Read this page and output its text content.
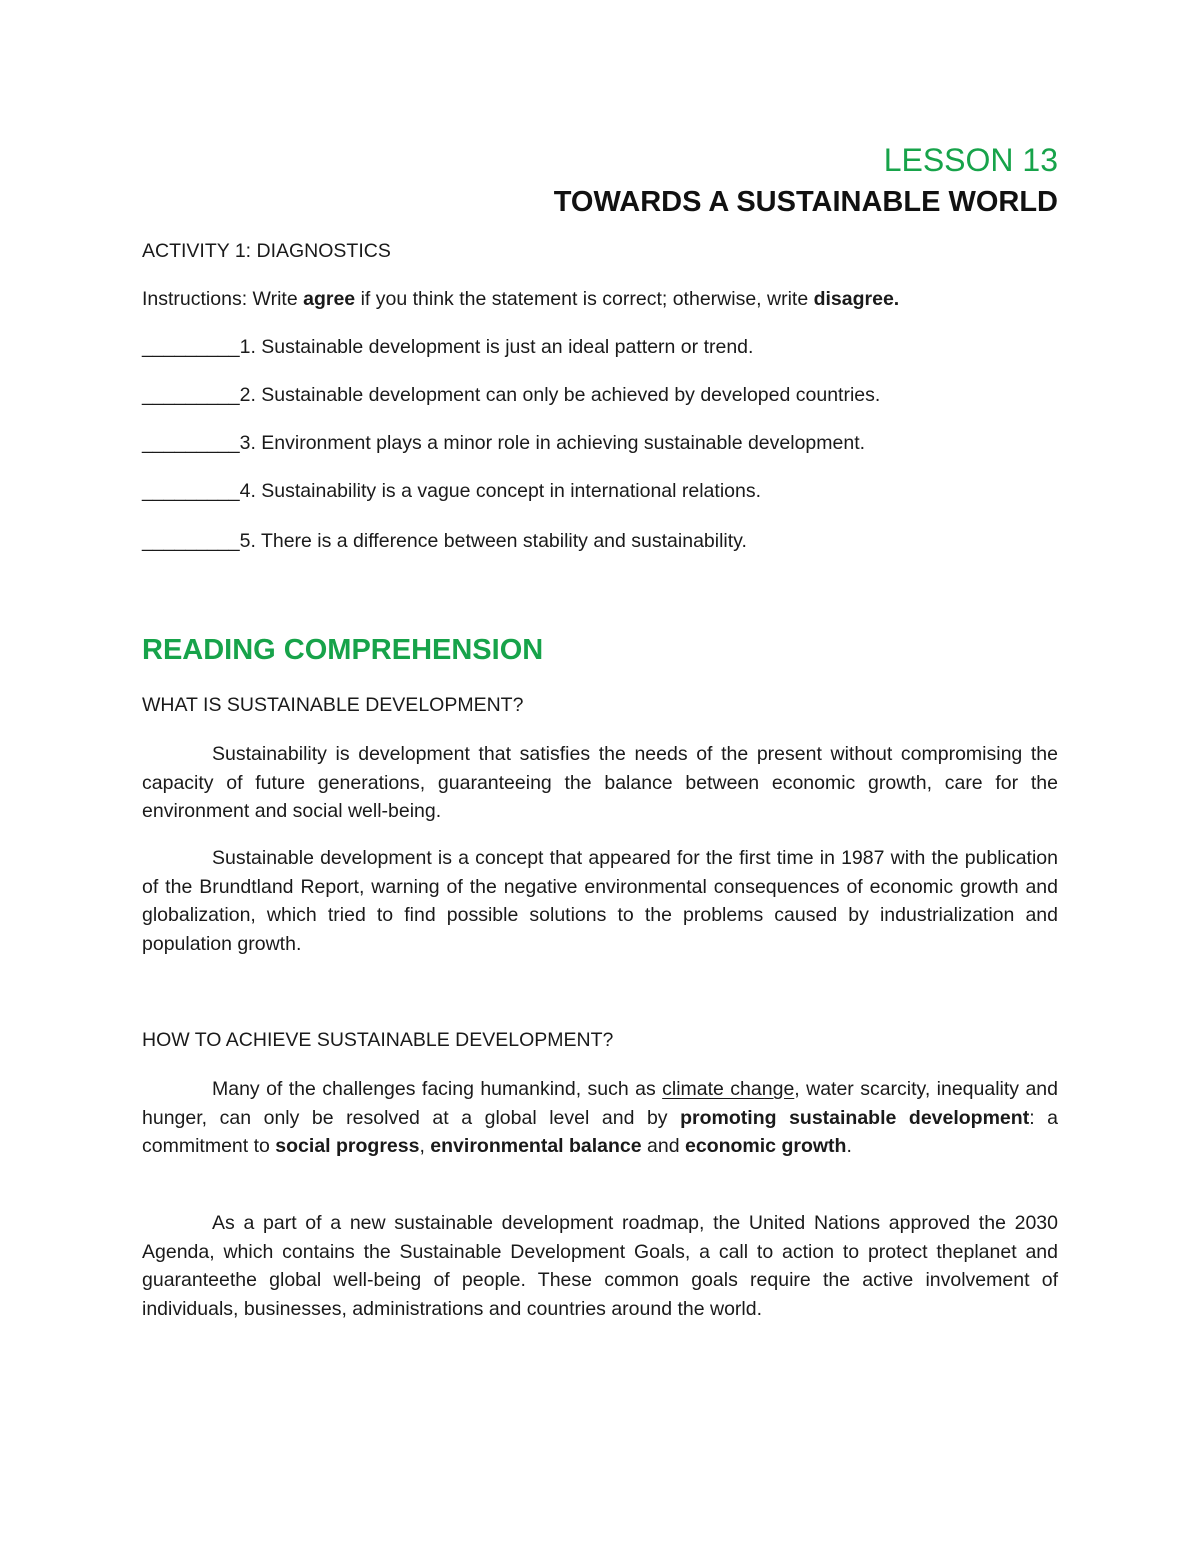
LESSON 13
TOWARDS A SUSTAINABLE WORLD
ACTIVITY 1: DIAGNOSTICS
Instructions: Write agree if you think the statement is correct; otherwise, write disagree.
_________1. Sustainable development is just an ideal pattern or trend.
_________2. Sustainable development can only be achieved by developed countries.
_________3. Environment plays a minor role in achieving sustainable development.
_________4. Sustainability is a vague concept in international relations.
_________5. There is a difference between stability and sustainability.
READING COMPREHENSION
WHAT IS SUSTAINABLE DEVELOPMENT?
Sustainability is development that satisfies the needs of the present without compromising the capacity of future generations, guaranteeing the balance between economic growth, care for the environment and social well-being.
Sustainable development is a concept that appeared for the first time in 1987 with the publication of the Brundtland Report, warning of the negative environmental consequences of economic growth and globalization, which tried to find possible solutions to the problems caused by industrialization and population growth.
HOW TO ACHIEVE SUSTAINABLE DEVELOPMENT?
Many of the challenges facing humankind, such as climate change, water scarcity, inequality and hunger, can only be resolved at a global level and by promoting sustainable development: a commitment to social progress, environmental balance and economic growth.
As a part of a new sustainable development roadmap, the United Nations approved the 2030 Agenda, which contains the Sustainable Development Goals, a call to action to protect theplanet and guaranteethe global well-being of people. These common goals require the active involvement of individuals, businesses, administrations and countries around the world.
